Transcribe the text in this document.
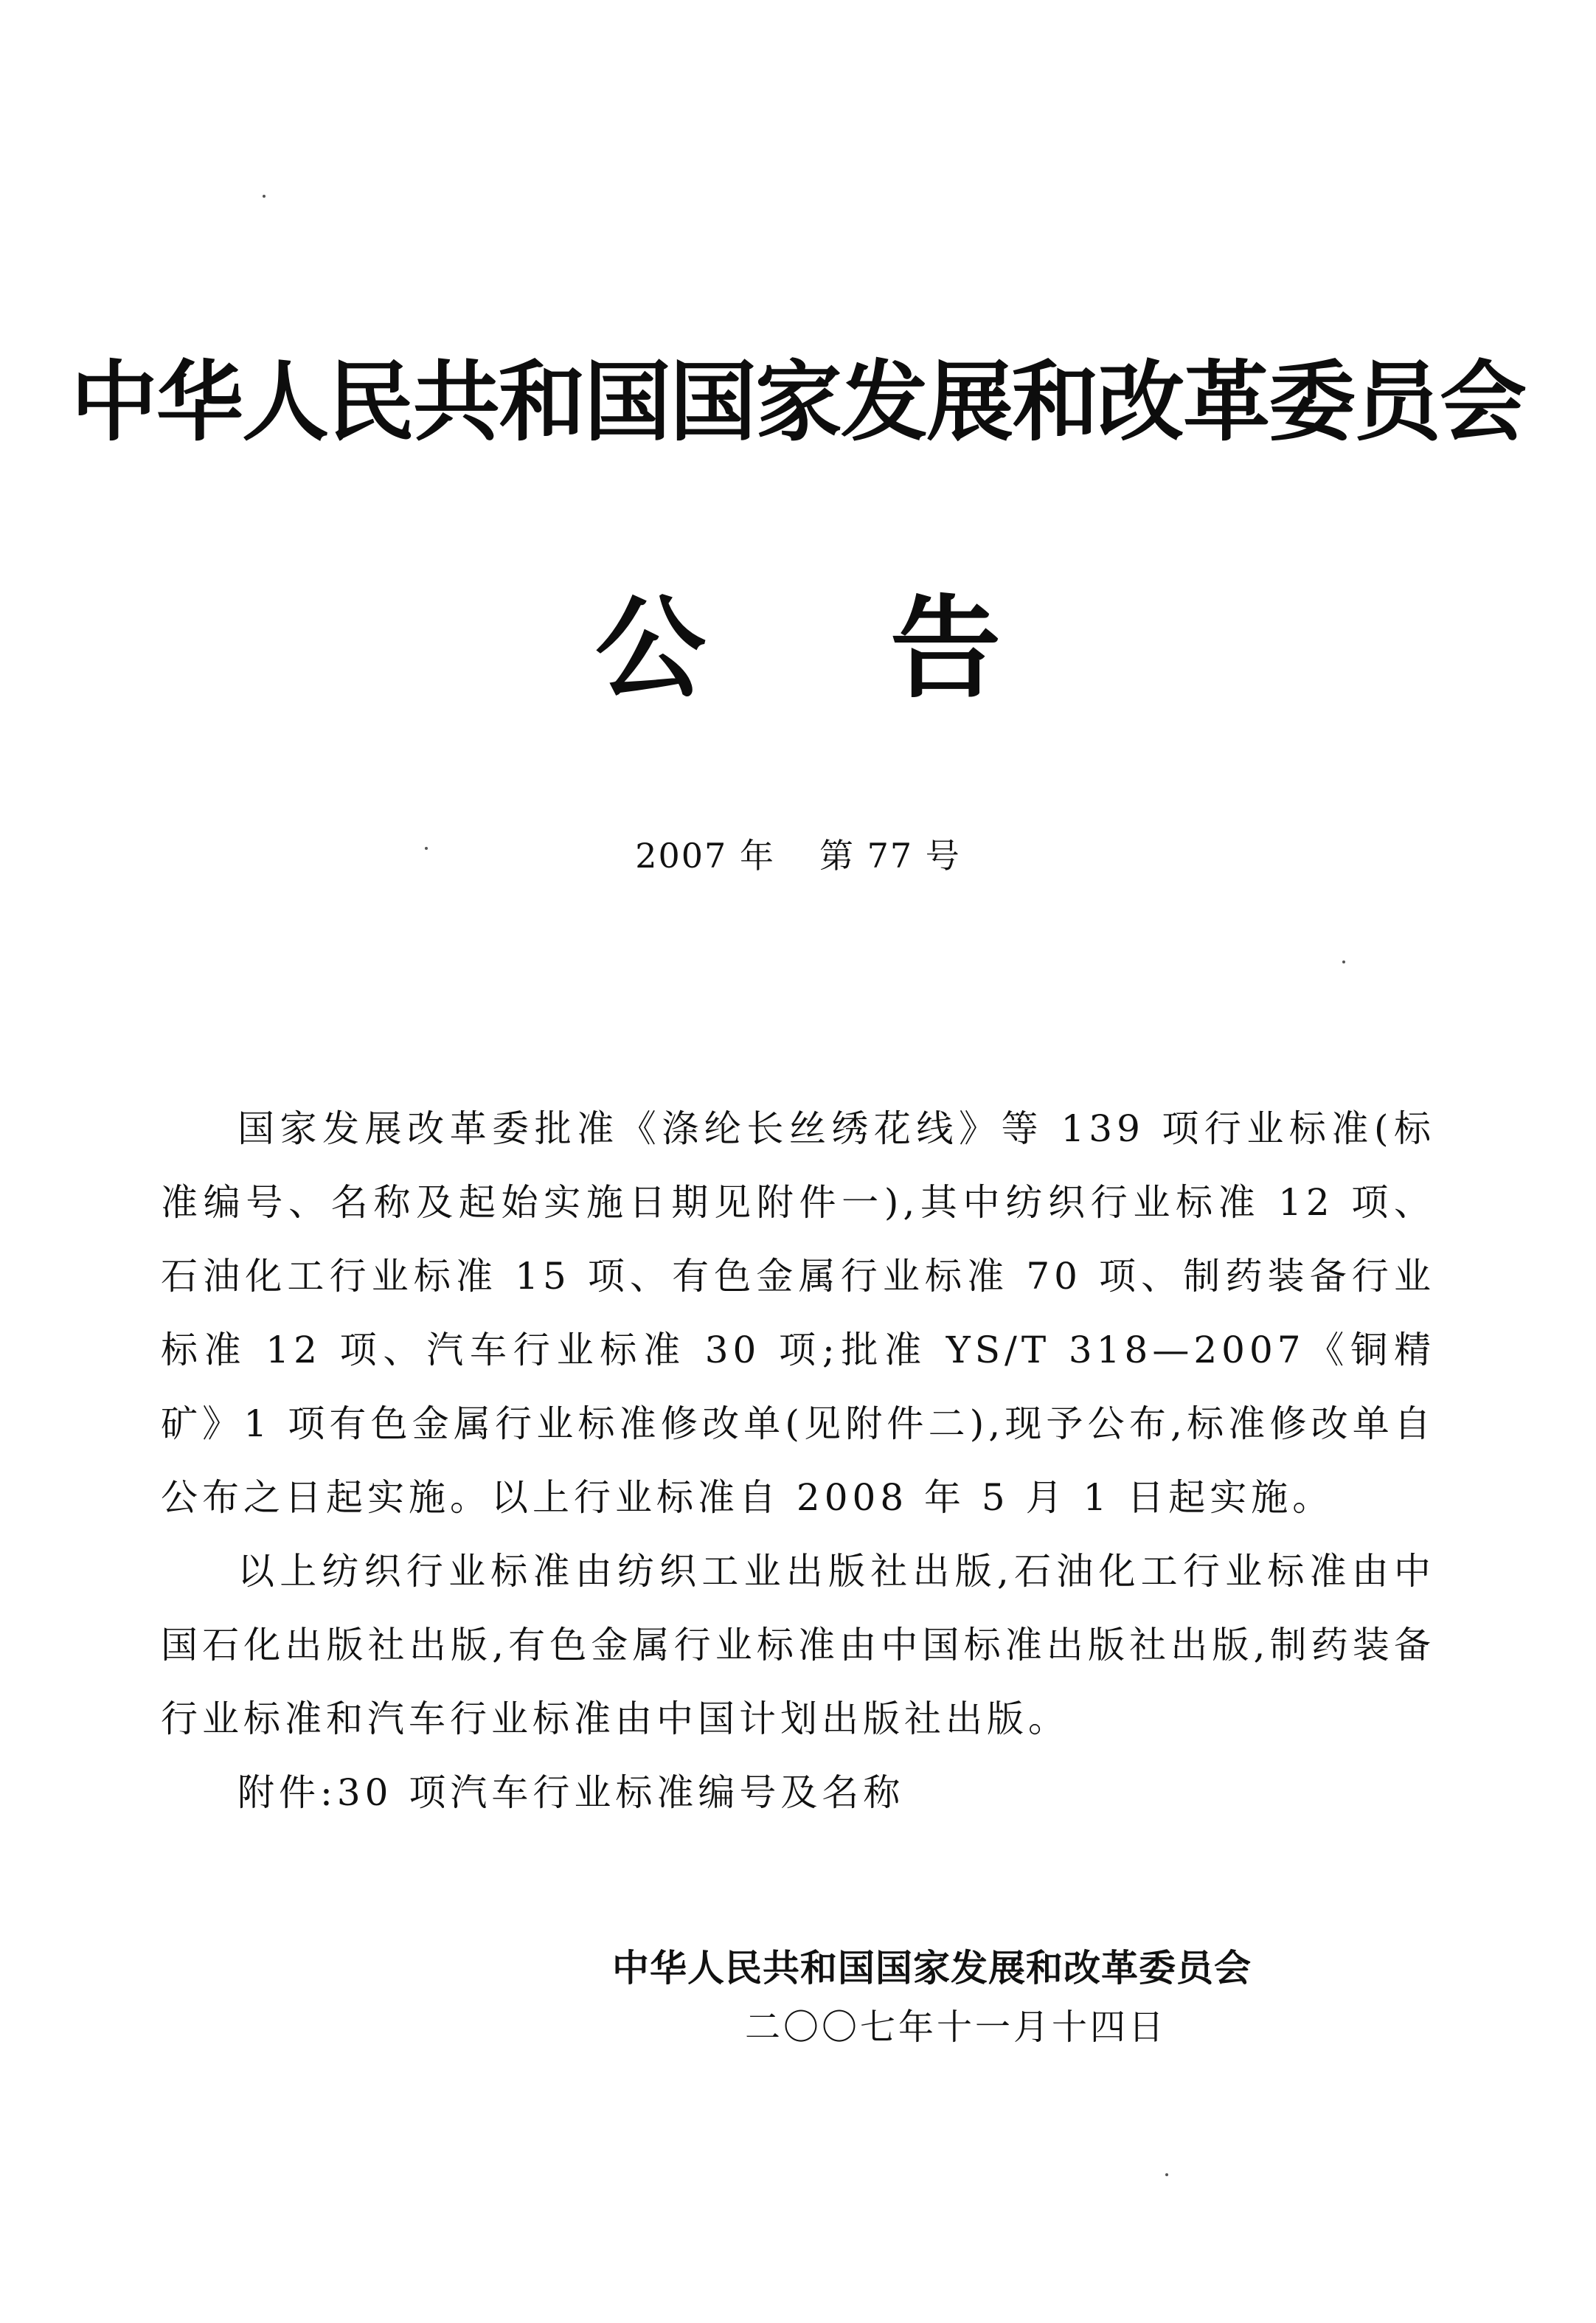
中华人民共和国国家发展和改革委员会
公告
2007 年 第 77 号

国家发展改革委批准《涤纶长丝绣花线》等 139 项行业标准(标准编号、名称及起始实施日期见附件一),其中纺织行业标准 12 项、石油化工行业标准 15 项、有色金属行业标准 70 项、制药装备行业标准 12 项、汽车行业标准 30 项;批准 YS/T 318—2007《铜精矿》1 项有色金属行业标准修改单(见附件二),现予公布,标准修改单自公布之日起实施。以上行业标准自 2008 年 5 月 1 日起实施。

以上纺织行业标准由纺织工业出版社出版,石油化工行业标准由中国石化出版社出版,有色金属行业标准由中国标准出版社出版,制药装备行业标准和汽车行业标准由中国计划出版社出版。

附件:30 项汽车行业标准编号及名称

中华人民共和国国家发展和改革委员会
二〇〇七年十一月十四日
